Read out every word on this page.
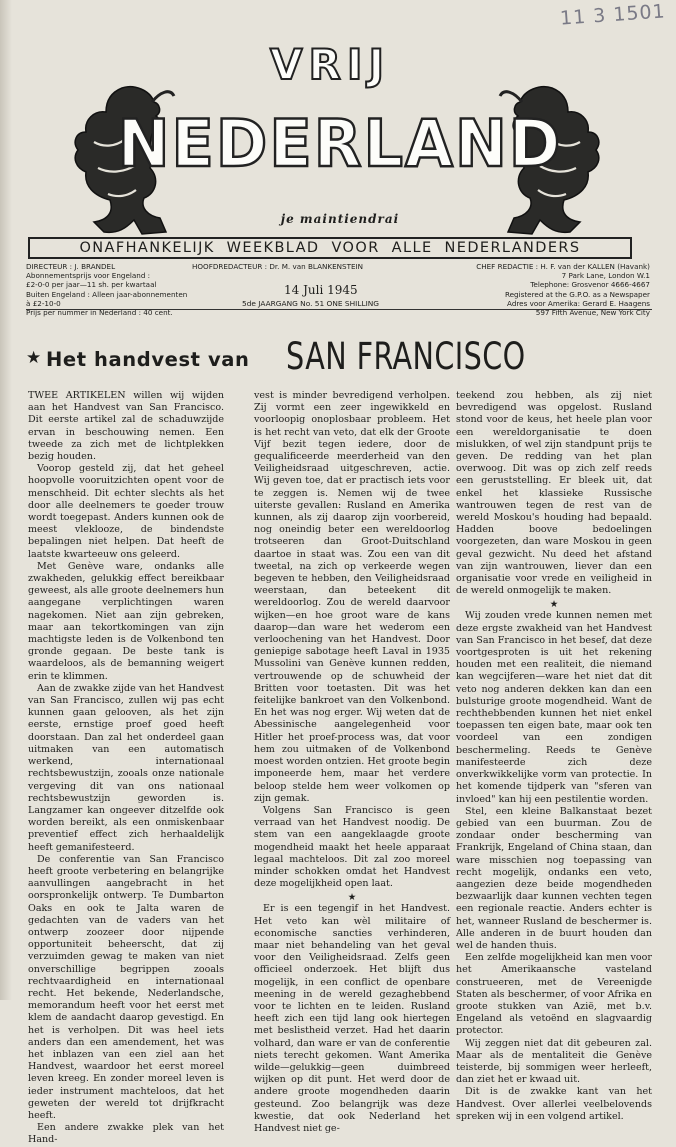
11 3 1501
VRIJ
NEDERLAND
je maintiendrai
ONAFHANKELIJK WEEKBLAD VOOR ALLE NEDERLANDERS
DIRECTEUR : J. BRANDEL
Abonnementsprijs voor Engeland :
£2-0-0 per jaar—11 sh. per kwartaal
Buiten Engeland : Alleen jaar-abonnementen
à £2-10-0
Prijs per nummer in Nederland : 40 cent.
HOOFDREDACTEUR : Dr. M. van BLANKENSTEIN	CHEF REDACTIE : H. F. van der KALLEN (Havank)
7 Park Lane, London W.1
Telephone: Grosvenor 4666-4667
Registered at the G.P.O. as a Newspaper
Adres voor Amerika: Gerard E. Haagens
597 Fifth Avenue, New York City
14 Juli 1945
5de JAARGANG No. 51 ONE SHILLING
★ Het handvest van SAN FRANCISCO

TWEE ARTIKELEN willen wij wijden aan het Handvest van San Francisco. Dit eerste artikel zal de schaduwzijde ervan in beschouwing nemen. Een tweede za zich met de lichtplekken bezig houden.

Voorop gesteld zij, dat het geheel hoopvolle vooruitzichten opent voor de menschheid. Dit echter slechts als het door alle deelnemers te goeder trouw wordt toegepast. Anders kunnen ook de meest vleklooze, de bindendste bepalingen niet helpen. Dat heeft de laatste kwarteeuw ons geleerd.

Met Genève ware, ondanks alle zwakheden, gelukkig effect bereikbaar geweest, als alle groote deelnemers hun aangegane verplichtingen waren nagekomen. Niet aan zijn gebreken, maar aan tekortkomingen van zijn machtigste leden is de Volkenbond ten gronde gegaan. De beste tank is waardeloos, als de bemanning weigert erin te klimmen.

Aan de zwakke zijde van het Handvest van San Francisco, zullen wij pas echt kunnen gaan gelooven, als het zijn eerste, ernstige proef goed heeft doorstaan. Dan zal het onderdeel gaan uitmaken van een automatisch werkend, internationaal rechtsbewustzijn, zooals onze nationale vergeving dit van ons nationaal rechtsbewustzijn geworden is. Langzamer kan ongeever ditzelfde ook worden bereikt, als een onmiskenbaar preventief effect zich herhaaldelijk heeft gemanifesteerd.

De conferentie van San Francisco heeft groote verbetering en belangrijke aanvullingen aangebracht in het oorspronkelijk ontwerp. Te Dumbarton Oaks en ook te Jalta waren de gedachten van de vaders van het ontwerp zoozeer door nijpende opportuniteit beheerscht, dat zij verzuimden gewag te maken van niet onverschillige begrippen zooals rechtvaardigheid en internationaal recht. Het bekende, Nederlandsche, memorandum heeft voor het eerst met klem de aandacht daarop gevestigd. En het is verholpen. Dit was heel iets anders dan een amendement, het was het inblazen van een ziel aan het Handvest, waardoor het eerst moreel leven kreeg. En zonder moreel leven is ieder instrument machteloos, dat het geweten der wereld tot drijfkracht heeft.

Een andere zwakke plek van het Hand-

vest is minder bevredigend verholpen. Zij vormt een zeer ingewikkeld en voorloopig onoplosbaar probleem. Het is het recht van veto, dat elk der Groote Vijf bezit tegen iedere, door de gequalificeerde meerderheid van den Veiligheidsraad uitgeschreven, actie. Wij geven toe, dat er practisch iets voor te zeggen is. Nemen wij de twee uiterste gevallen: Rusland en Amerika kunnen, als zij daarop zijn voorbereid, nog oneindig beter een wereldoorlog trotseeren dan Groot-Duitschland daartoe in staat was. Zou een van dit tweetal, na zich op verkeerde wegen begeven te hebben, den Veiligheidsraad weerstaan, dan beteekent dit wereldoorlog. Zou de wereld daarvoor wijken—en hoe groot ware de kans daarop—dan ware het wederom een verloochening van het Handvest. Door geniepige sabotage heeft Laval in 1935 Mussolini van Genève kunnen redden, vertrouwende op de schuwheid der Britten voor toetasten. Dit was het feitelijke bankroet van den Volkenbond. En het was nog erger. Wij weten dat de Abessinische aangelegenheid voor Hitler het proef-process was, dat voor hem zou uitmaken of de Volkenbond moest worden ontzien. Het groote begin imponeerde hem, maar het verdere beloop stelde hem weer volkomen op zijn gemak.

Volgens San Francisco is geen verraad van het Handvest noodig. De stem van een aangeklaagde groote mogendheid maakt het heele apparaat legaal machteloos. Dit zal zoo moreel minder schokken omdat het Handvest deze mogelijkheid open laat.

★

Er is een tegengif in het Handvest. Het veto kan wèl militaire of economische sancties verhinderen, maar niet behandeling van het geval voor den Veiligheidsraad. Zelfs geen officieel onderzoek. Het blijft dus mogelijk, in een conflict de openbare meening in de wereld gezaghebbend voor te lichten en te leiden. Rusland heeft zich een tijd lang ook hiertegen met beslistheid verzet. Had het daarin volhard, dan ware er van de conferentie niets terecht gekomen. Want Amerika wilde—gelukkig—geen duimbreed wijken op dit punt. Het werd door de andere groote mogendheden daarin gesteund. Zoo belangrijk was deze kwestie, dat ook Nederland het Handvest niet ge-

teekend zou hebben, als zij niet bevredigend was opgelost. Rusland stond voor de keus, het heele plan voor een wereldorganisatie te doen mislukken, of wel zijn standpunt prijs te geven. De redding van het plan overwoog. Dit was op zich zelf reeds een geruststelling. Er bleek uit, dat enkel het klassieke Russische wantrouwen tegen de rest van de wereld Moskou's houding had bepaald. Hadden boove bedoelingen voorgezeten, dan ware Moskou in geen geval gezwicht. Nu deed het afstand van zijn wantrouwen, liever dan een organisatie voor vrede en veiligheid in de wereld onmogelijk te maken.

★

Wij zouden vrede kunnen nemen met deze ergste zwakheid van het Handvest van San Francisco in het besef, dat deze voortgesproten is uit het rekening houden met een realiteit, die niemand kan wegcijferen—ware het niet dat dit veto nog anderen dekken kan dan een bulsturige groote mogendheid. Want de rechthebbenden kunnen het niet enkel toepassen ten eigen bate, maar ook ten voordeel van een zondigen beschermeling. Reeds te Genève manifesteerde zich deze onverkwikkelijke vorm van protectie. In het komende tijdperk van "sferen van invloed" kan hij een pestilentie worden.

Stel, een kleine Balkanstaat bezet gebied van een buurman. Zou de zondaar onder bescherming van Frankrijk, Engeland of China staan, dan ware misschien nog toepassing van recht mogelijk, ondanks een veto, aangezien deze beide mogendheden bezwaarlijk daar kunnen vechten tegen een regionale reactie. Anders echter is het, wanneer Rusland de beschermer is. Alle anderen in de buurt houden dan wel de handen thuis.

Een zelfde mogelijkheid kan men voor het Amerikaansche vasteland construeeren, met de Vereenigde Staten als beschermer, of voor Afrika en groote stukken van Azië, met b.v. Engeland als vetoënd en slagvaardig protector.

Wij zeggen niet dat dit gebeuren zal. Maar als de mentaliteit die Genève teisterde, bij sommigen weer herleeft, dan ziet het er kwaad uit.

Dit is de zwakke kant van het Handvest. Over allerlei veelbelovends spreken wij in een volgend artikel.
